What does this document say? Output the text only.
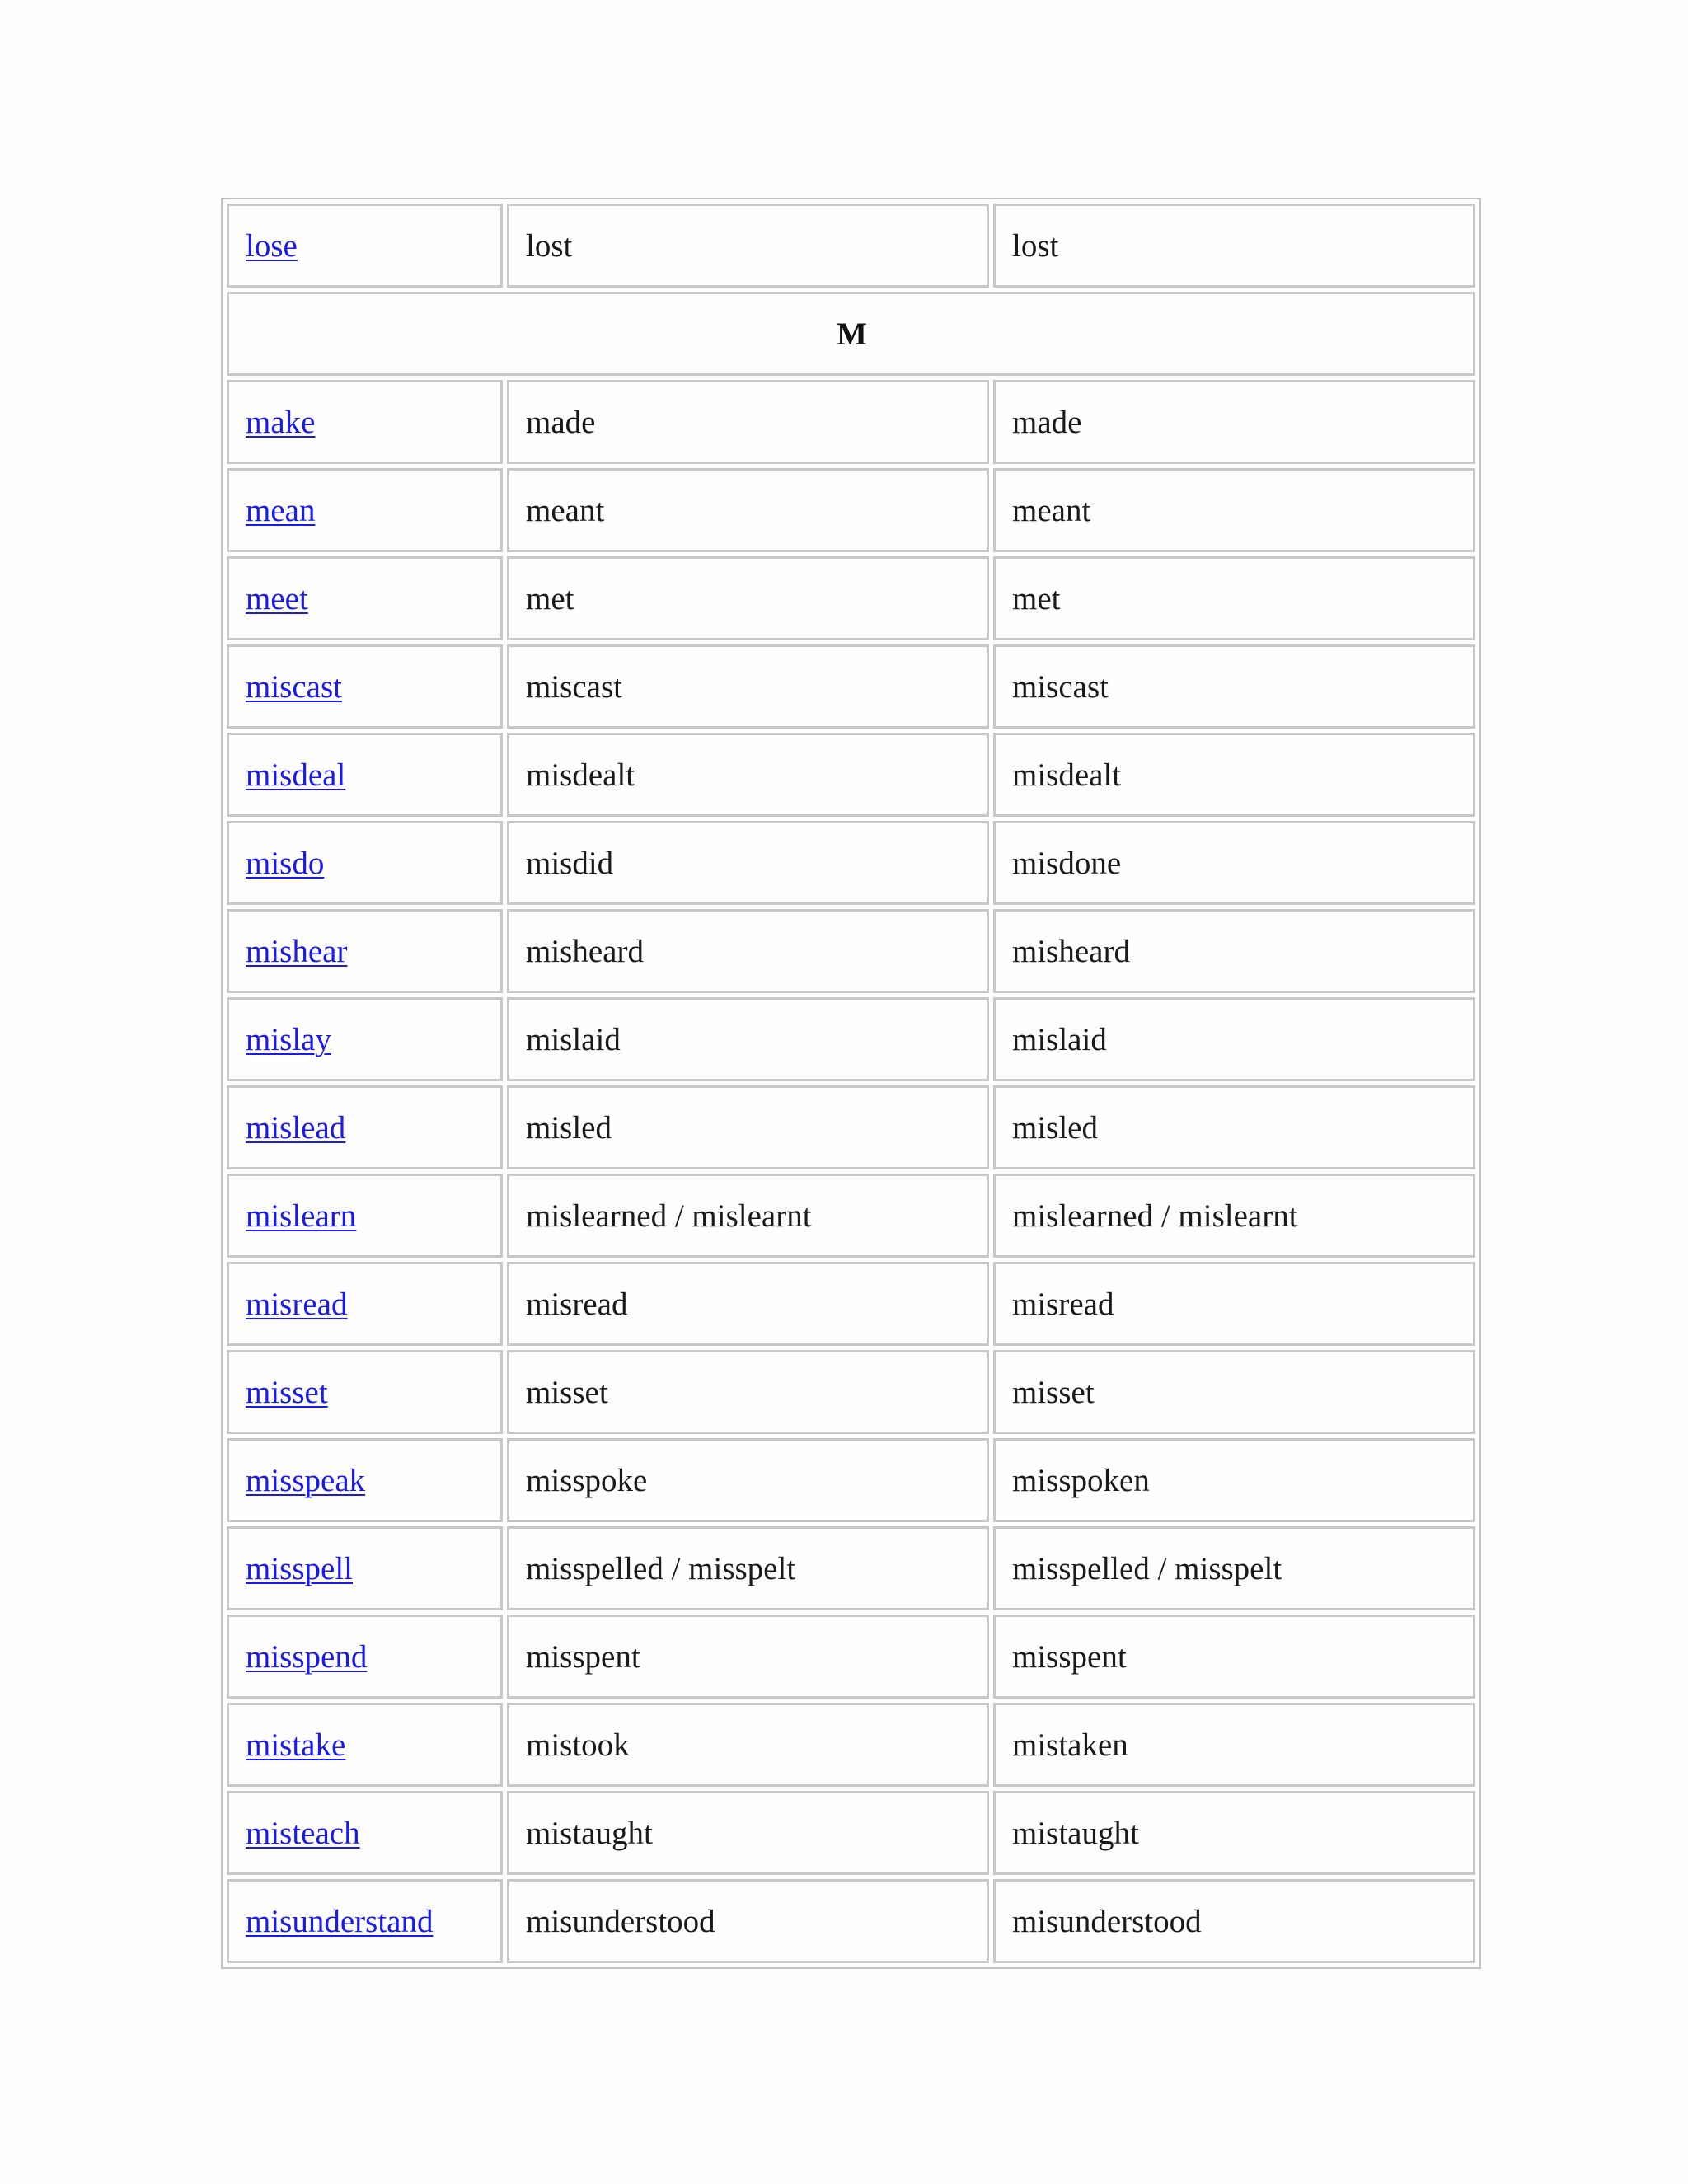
lose	lost	lost
M		
make	made	made
mean	meant	meant
meet	met	met
miscast	miscast	miscast
misdeal	misdealt	misdealt
misdo	misdid	misdone
mishear	misheard	misheard
mislay	mislaid	mislaid
mislead	misled	misled
mislearn	mislearned / mislearnt	mislearned / mislearnt
misread	misread	misread
misset	misset	misset
misspeak	misspoke	misspoken
misspell	misspelled / misspelt	misspelled / misspelt
misspend	misspent	misspent
mistake	mistook	mistaken
misteach	mistaught	mistaught
misunderstand	misunderstood	misunderstood
